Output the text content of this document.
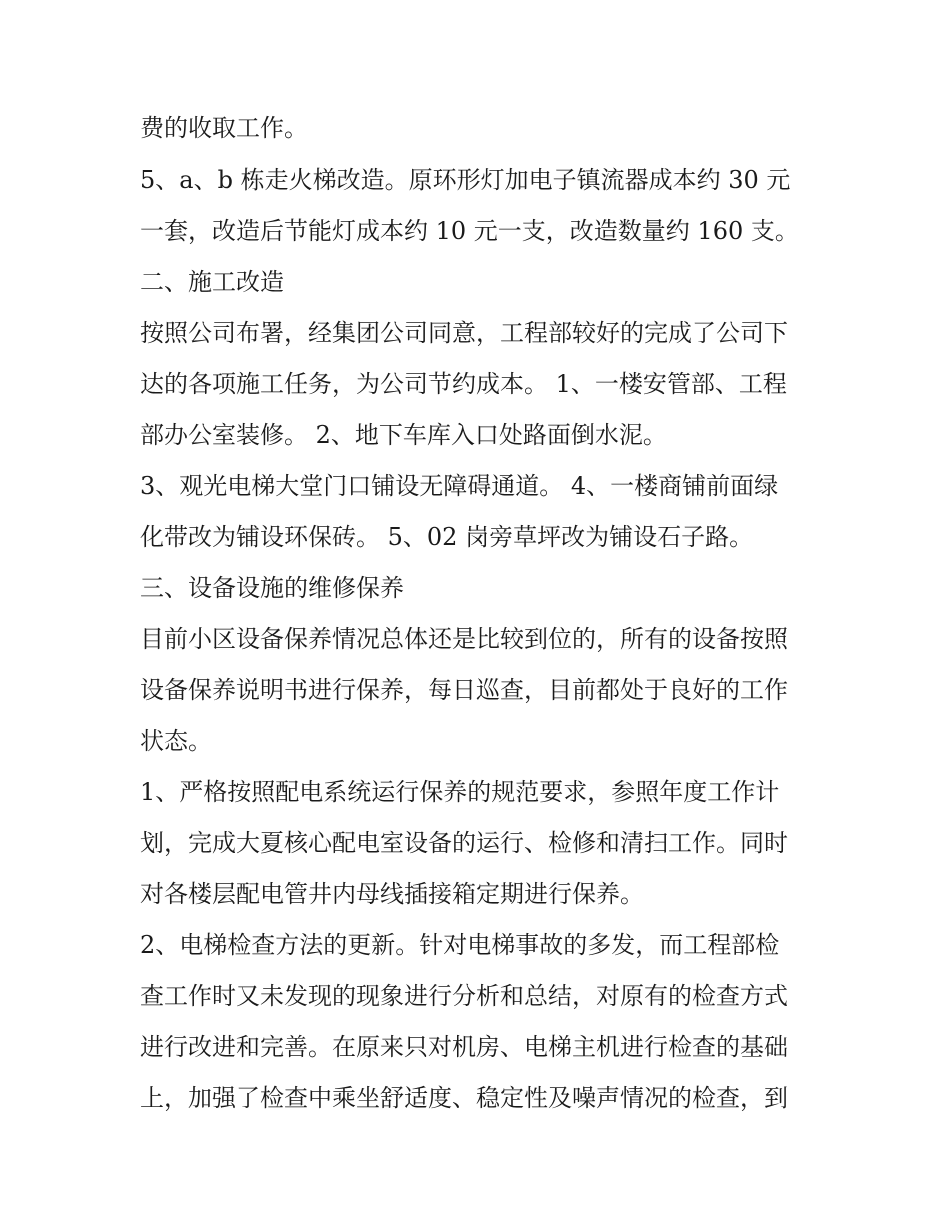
费的收取工作。
5、a、b 栋走火梯改造。原环形灯加电子镇流器成本约 30 元
一套，改造后节能灯成本约 10 元一支，改造数量约 160 支。
二、施工改造
按照公司布署，经集团公司同意，工程部较好的完成了公司下
达的各项施工任务，为公司节约成本。 1、一楼安管部、工程
部办公室装修。 2、地下车库入口处路面倒水泥。
3、观光电梯大堂门口铺设无障碍通道。 4、一楼商铺前面绿
化带改为铺设环保砖。 5、02 岗旁草坪改为铺设石子路。
三、设备设施的维修保养
目前小区设备保养情况总体还是比较到位的，所有的设备按照
设备保养说明书进行保养，每日巡查，目前都处于良好的工作
状态。
1、严格按照配电系统运行保养的规范要求，参照年度工作计
划，完成大夏核心配电室设备的运行、检修和清扫工作。同时
对各楼层配电管井内母线插接箱定期进行保养。
2、电梯检查方法的更新。针对电梯事故的多发，而工程部检
查工作时又未发现的现象进行分析和总结，对原有的检查方式
进行改进和完善。在原来只对机房、电梯主机进行检查的基础
上，加强了检查中乘坐舒适度、稳定性及噪声情况的检查，到
